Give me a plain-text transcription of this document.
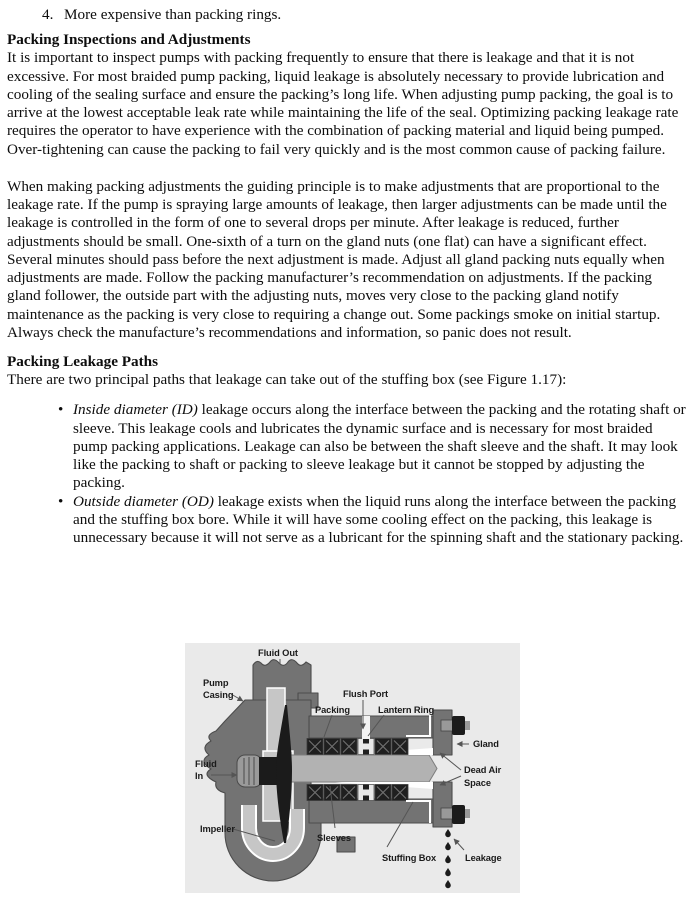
4. More expensive than packing rings.
Packing Inspections and Adjustments

It is important to inspect pumps with packing frequently to ensure that there is leakage and that it is not excessive. For most braided pump packing, liquid leakage is absolutely necessary to provide lubrication and cooling of the sealing surface and ensure the packing’s long life. When adjusting pump packing, the goal is to arrive at the lowest acceptable leak rate while maintaining the life of the seal. Optimizing packing leakage rate requires the operator to have experience with the combination of packing material and liquid being pumped. Over-tightening can cause the packing to fail very quickly and is the most common cause of packing failure.

When making packing adjustments the guiding principle is to make adjustments that are proportional to the leakage rate. If the pump is spraying large amounts of leakage, then larger adjustments can be made until the leakage is controlled in the form of one to several drops per minute. After leakage is reduced, further adjustments should be small. One-sixth of a turn on the gland nuts (one flat) can have a significant effect. Several minutes should pass before the next adjustment is made. Adjust all gland packing nuts equally when adjustments are made. Follow the packing manufacturer’s recommendation on adjustments. If the packing gland follower, the outside part with the adjusting nuts, moves very close to the packing gland notify maintenance as the packing is very close to requiring a change out. Some packings smoke on initial startup. Always check the manufacture’s recommendations and information, so panic does not result.

Packing Leakage Paths

There are two principal paths that leakage can take out of the stuffing box (see Figure 1.17):

• Inside diameter (ID) leakage occurs along the interface between the packing and the rotating shaft or sleeve. This leakage cools and lubricates the dynamic surface and is necessary for most braided pump packing applications. Leakage can also be between the shaft sleeve and the shaft. It may look like the packing to shaft or packing to sleeve leakage but it cannot be stopped by adjusting the packing.
• Outside diameter (OD) leakage exists when the liquid runs along the interface between the packing and the stuffing box bore. While it will have some cooling effect on the packing, this leakage is unnecessary because it will not serve as a lubricant for the spinning shaft and the stationary packing.
Fluid Out
Pump
Casing	Flush Port
Packing	Lantern Ring
Gland
Fluid
In
Dead Air
Space
Impeller
Sleeves
Stuffing Box	Leakage
